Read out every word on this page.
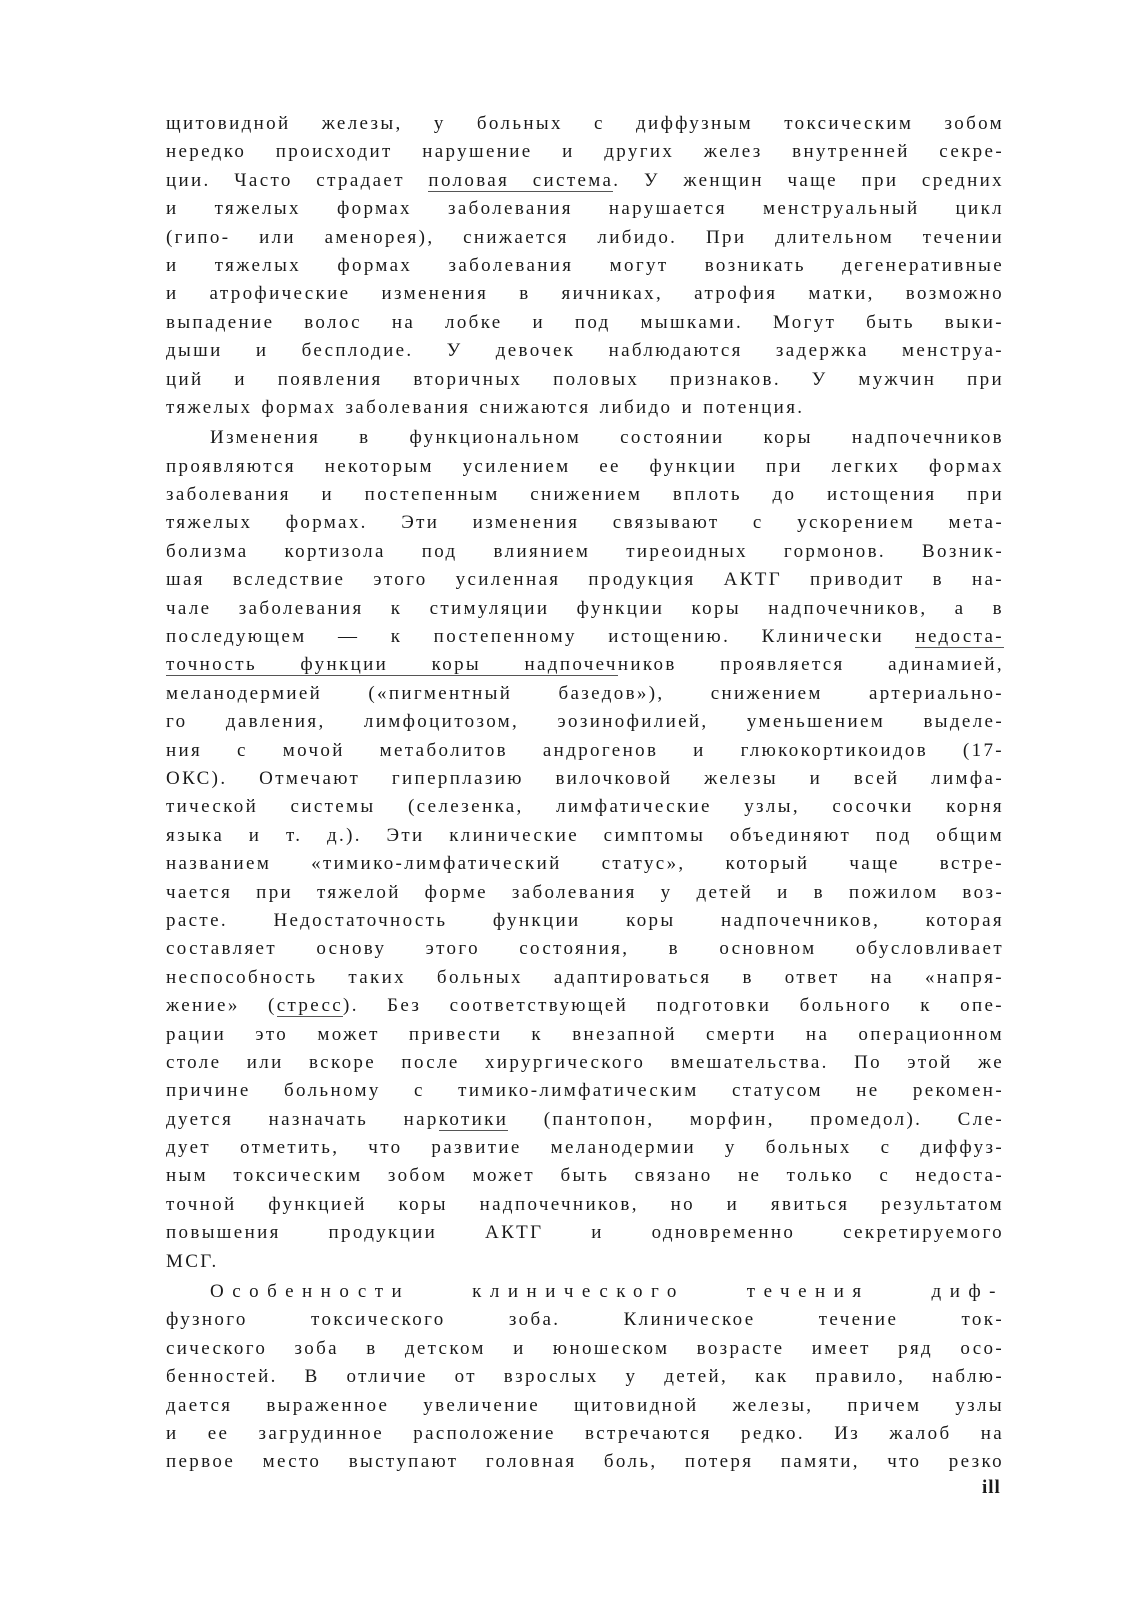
щитовидной железы, у больных с диффузным токсическим зобом
нередко происходит нарушение и других желез внутренней секре-
ции. Часто страдает половая система. У женщин чаще при средних
и тяжелых формах заболевания нарушается менструальный цикл
(гипо- или аменорея), снижается либидо. При длительном течении
и тяжелых формах заболевания могут возникать дегенеративные
и атрофические изменения в яичниках, атрофия матки, возможно
выпадение волос на лобке и под мышками. Могут быть выки-
дыши и бесплодие. У девочек наблюдаются задержка менструа-
ций и появления вторичных половых признаков. У мужчин при
тяжелых формах заболевания снижаются либидо и потенция.
Изменения в функциональном состоянии коры надпочечников
проявляются некоторым усилением ее функции при легких формах
заболевания и постепенным снижением вплоть до истощения при
тяжелых формах. Эти изменения связывают с ускорением мета-
болизма кортизола под влиянием тиреоидных гормонов. Возник-
шая вследствие этого усиленная продукция АКТГ приводит в на-
чале заболевания к стимуляции функции коры надпочечников, а в
последующем — к постепенному истощению. Клинически недоста-
точность функции коры надпочечников проявляется адинамией,
меланодермией («пигментный базедов»), снижением артериально-
го давления, лимфоцитозом, эозинофилией, уменьшением выделе-
ния с мочой метаболитов андрогенов и глюкокортикоидов (17-
ОКС). Отмечают гиперплазию вилочковой железы и всей лимфа-
тической системы (селезенка, лимфатические узлы, сосочки корня
языка и т. д.). Эти клинические симптомы объединяют под общим
названием «тимико-лимфатический статус», который чаще встре-
чается при тяжелой форме заболевания у детей и в пожилом воз-
расте. Недостаточность функции коры надпочечников, которая
составляет основу этого состояния, в основном обусловливает
неспособность таких больных адаптироваться в ответ на «напря-
жение» (стресс). Без соответствующей подготовки больного к опе-
рации это может привести к внезапной смерти на операционном
столе или вскоре после хирургического вмешательства. По этой же
причине больному с тимико-лимфатическим статусом не рекомен-
дуется назначать наркотики (пантопон, морфин, промедол). Сле-
дует отметить, что развитие меланодермии у больных с диффуз-
ным токсическим зобом может быть связано не только с недоста-
точной функцией коры надпочечников, но и явиться результатом
повышения продукции АКТГ и одновременно секретируемого
МСГ.
Особенности клинического течения диф-
фузного токсического зоба. Клиническое течение ток-
сического зоба в детском и юношеском возрасте имеет ряд осо-
бенностей. В отличие от взрослых у детей, как правило, наблю-
дается выраженное увеличение щитовидной железы, причем узлы
и ее загрудинное расположение встречаются редко. Из жалоб на
первое место выступают головная боль, потеря памяти, что резко
ill
